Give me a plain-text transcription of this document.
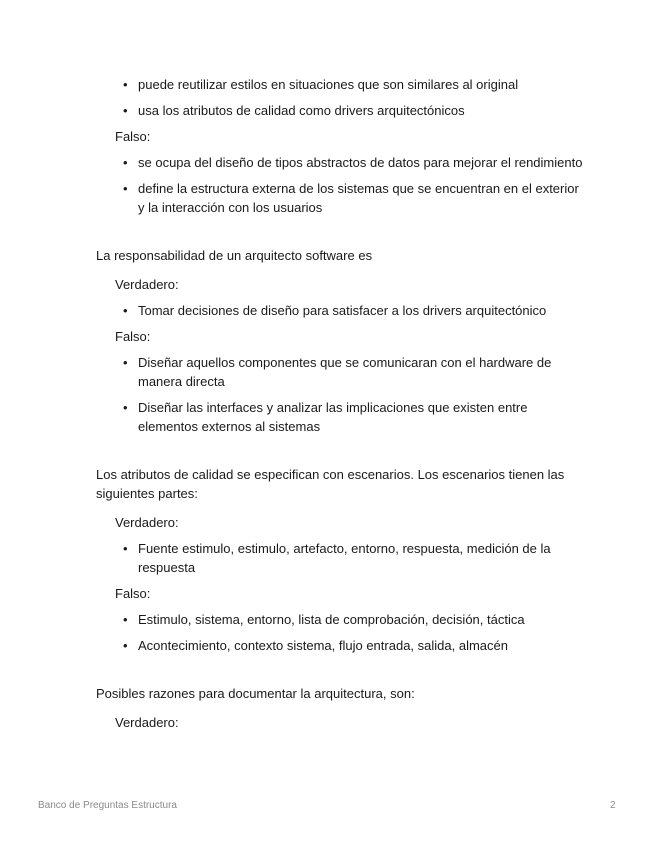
• puede reutilizar estilos en situaciones que son similares al original
• usa los atributos de calidad como drivers arquitectónicos
Falso:
• se ocupa del diseño de tipos abstractos de datos para mejorar el rendimiento
• define la estructura externa de los sistemas que se encuentran en el exterior y la interacción con los usuarios
La responsabilidad de un arquitecto software es
Verdadero:
• Tomar decisiones de diseño para satisfacer a los drivers arquitectónico
Falso:
• Diseñar aquellos componentes que se comunicaran con el hardware de manera directa
• Diseñar las interfaces y analizar las implicaciones que existen entre elementos externos al sistemas
Los atributos de calidad se especifican con escenarios. Los escenarios tienen las siguientes partes:
Verdadero:
• Fuente estimulo, estimulo, artefacto, entorno, respuesta, medición de la respuesta
Falso:
• Estimulo, sistema, entorno, lista de comprobación, decisión, táctica
• Acontecimiento, contexto sistema, flujo entrada, salida, almacén
Posibles razones para documentar la arquitectura, son:
Verdadero:
Banco de Preguntas Estructura	2
